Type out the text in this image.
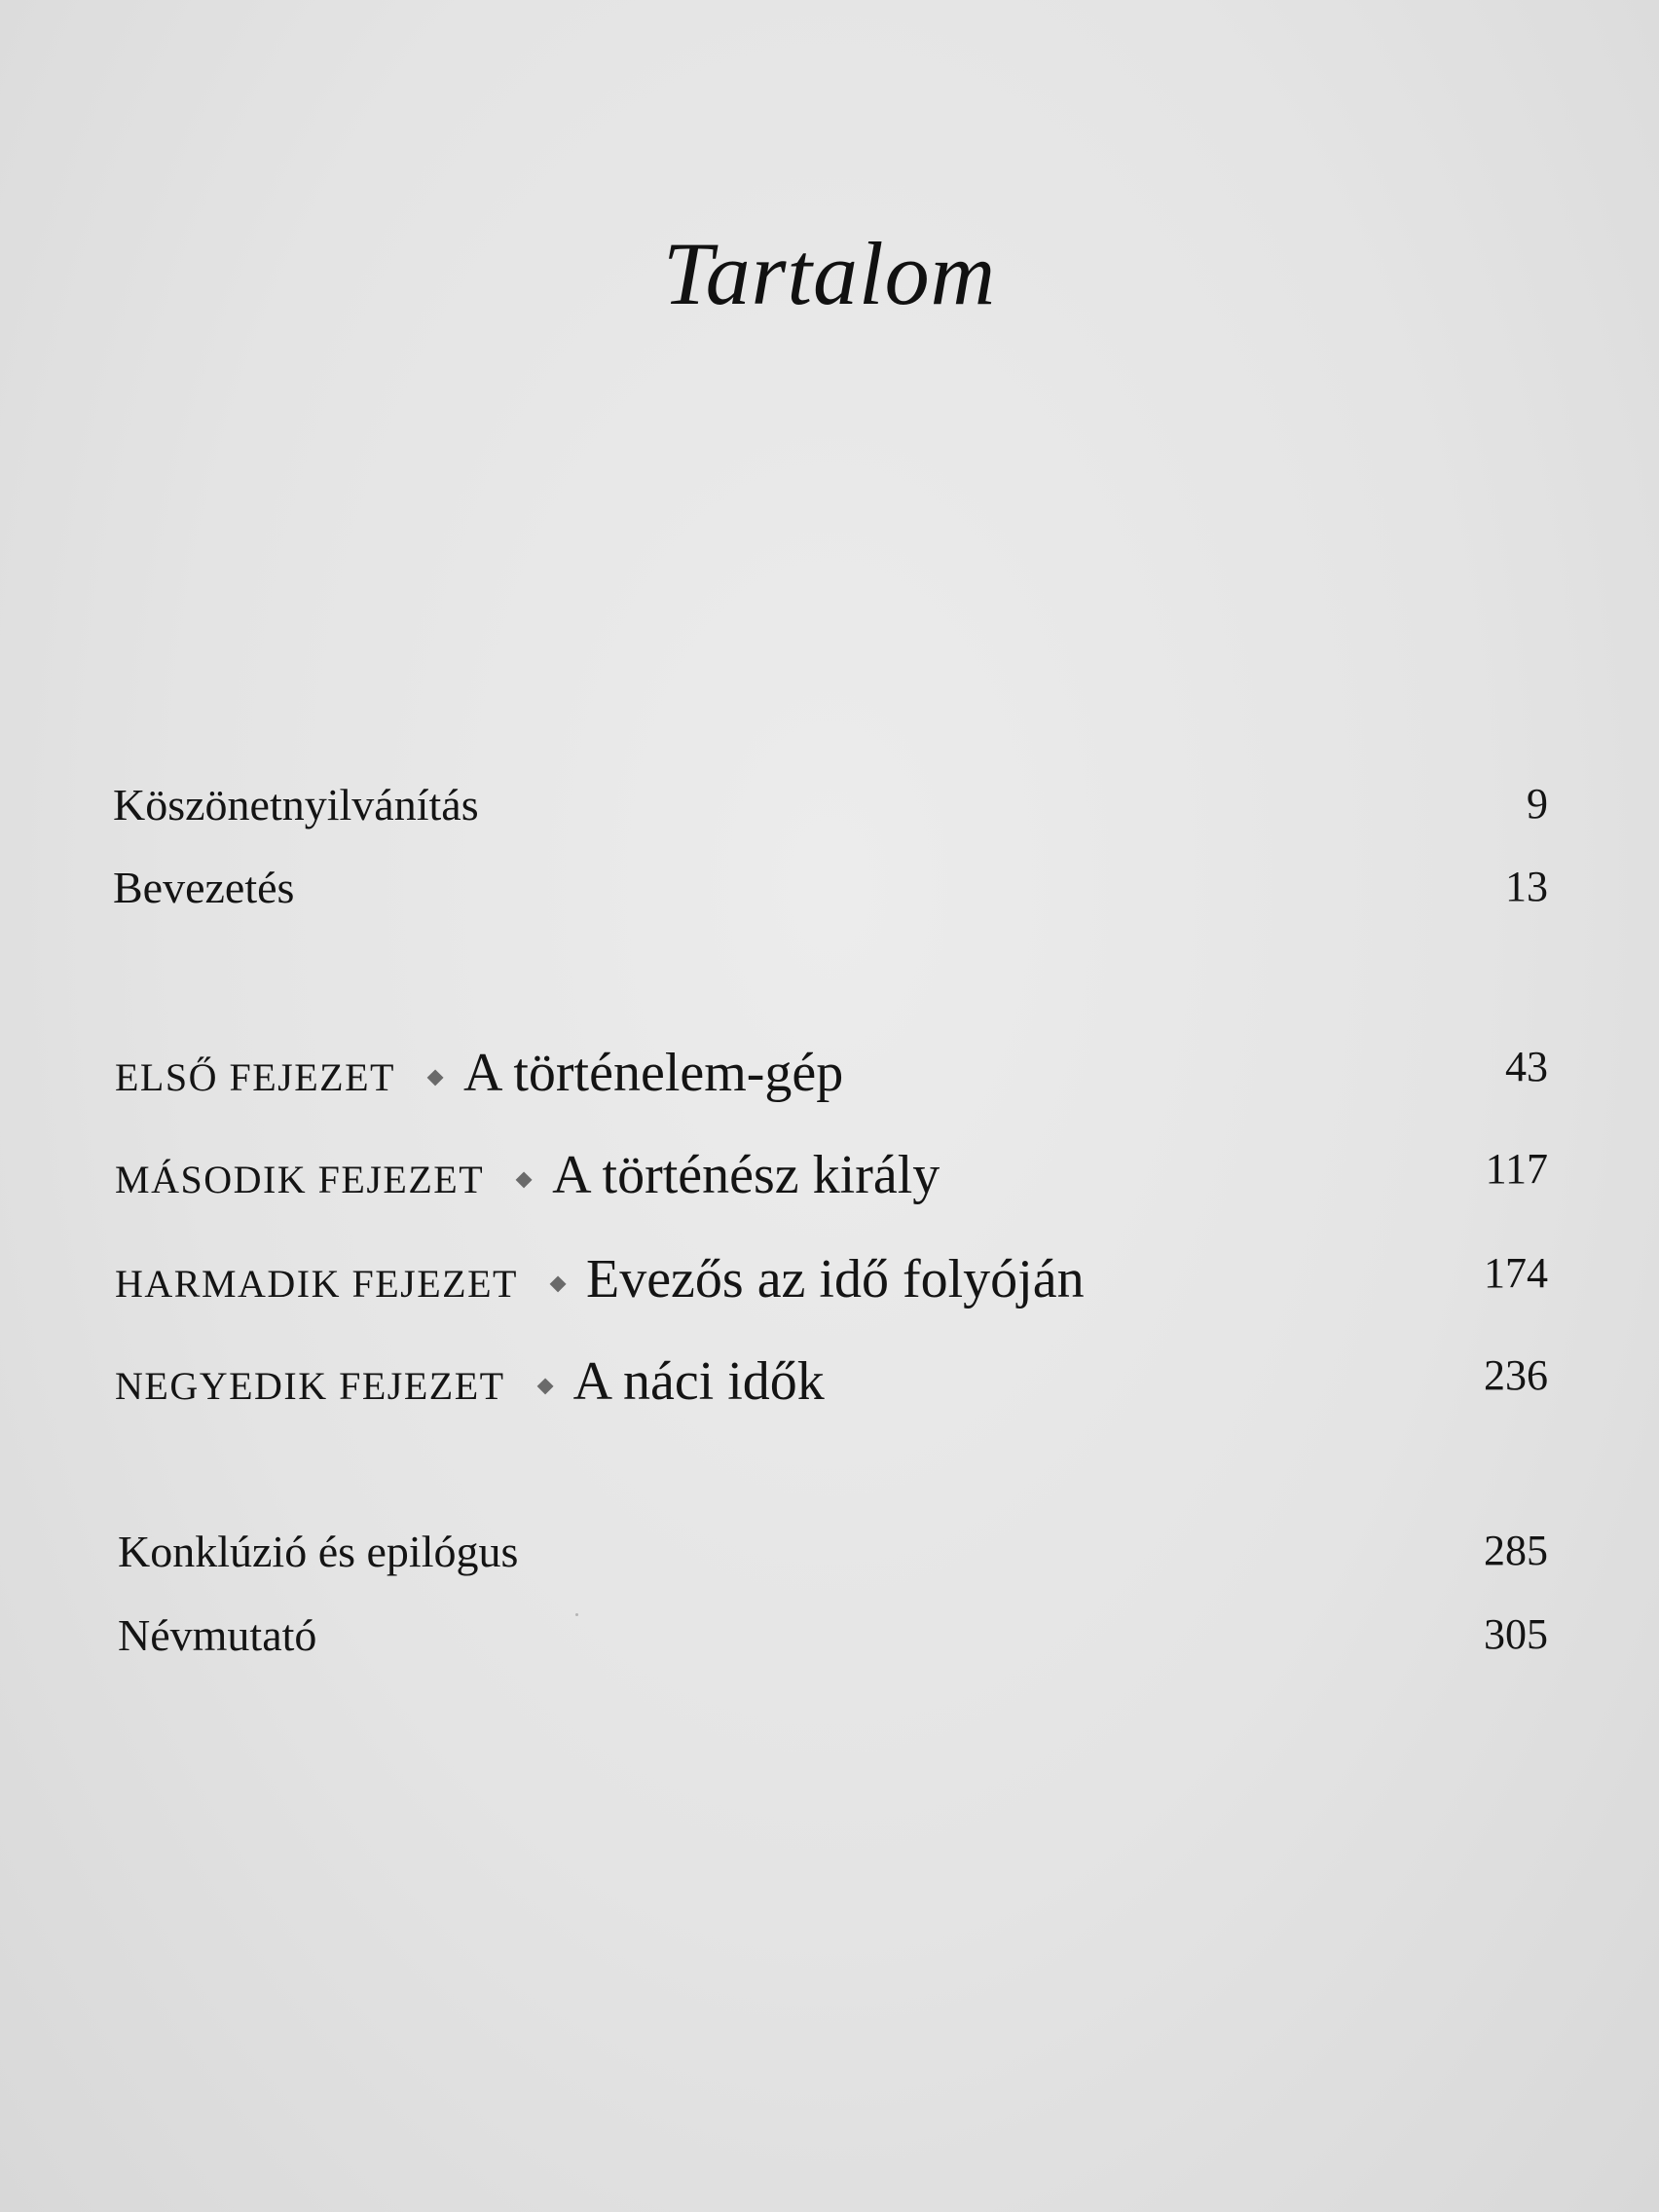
Tartalom
Köszönetnyilvánítás	9
Bevezetés	13
ELSŐ FEJEZET A történelem-gép	43
MÁSODIK FEJEZET A történész király	117
HARMADIK FEJEZET Evezős az idő folyóján	174
NEGYEDIK FEJEZET A náci idők	236
Konklúzió és epilógus	285
Névmutató	305
